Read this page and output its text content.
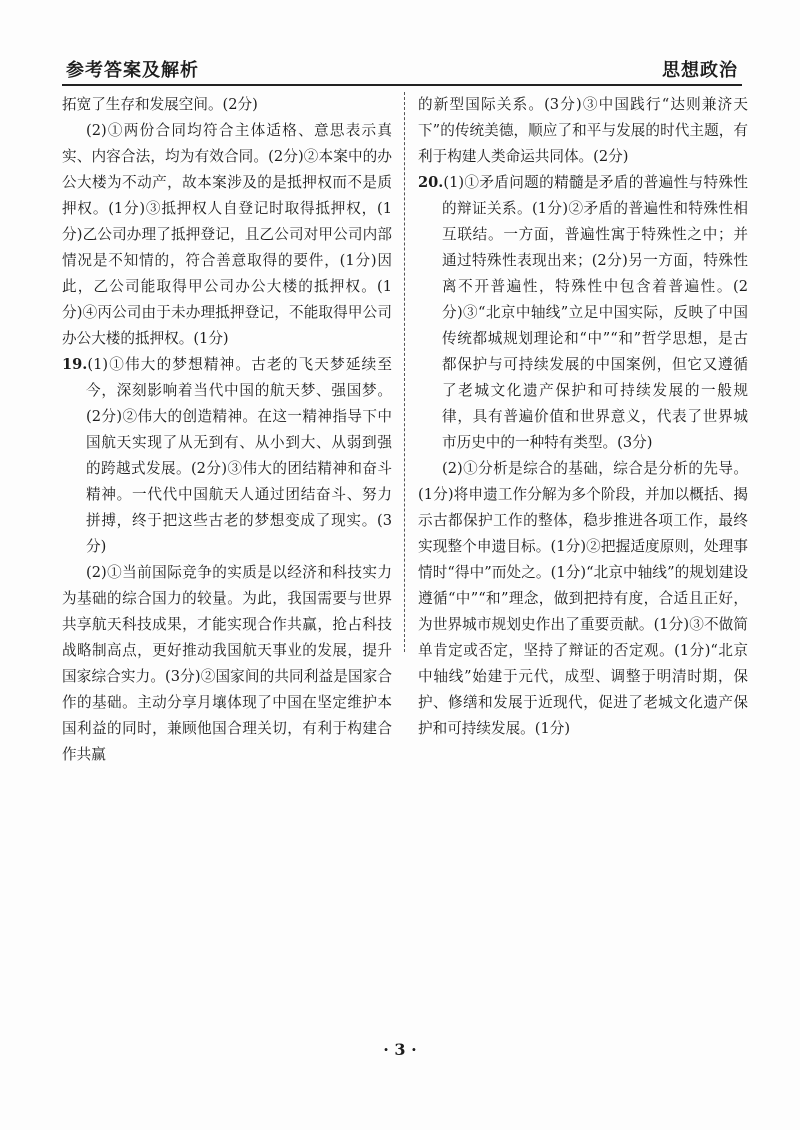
参考答案及解析	思想政治

拓宽了生存和发展空间。(2分)

(2)①两份合同均符合主体适格、意思表示真实、内容合法，均为有效合同。(2分)②本案中的办公大楼为不动产，故本案涉及的是抵押权而不是质押权。(1分)③抵押权人自登记时取得抵押权，(1分)乙公司办理了抵押登记，且乙公司对甲公司内部情况是不知情的，符合善意取得的要件，(1分)因此，乙公司能取得甲公司办公大楼的抵押权。(1分)④丙公司由于未办理抵押登记，不能取得甲公司办公大楼的抵押权。(1分)

19.(1)①伟大的梦想精神。古老的飞天梦延续至今，深刻影响着当代中国的航天梦、强国梦。(2分)②伟大的创造精神。在这一精神指导下中国航天实现了从无到有、从小到大、从弱到强的跨越式发展。(2分)③伟大的团结精神和奋斗精神。一代代中国航天人通过团结奋斗、努力拼搏，终于把这些古老的梦想变成了现实。(3分)

(2)①当前国际竞争的实质是以经济和科技实力为基础的综合国力的较量。为此，我国需要与世界共享航天科技成果，才能实现合作共赢，抢占科技战略制高点，更好推动我国航天事业的发展，提升国家综合实力。(3分)②国家间的共同利益是国家合作的基础。主动分享月壤体现了中国在坚定维护本国利益的同时，兼顾他国合理关切，有利于构建合作共赢

的新型国际关系。(3分)③中国践行“达则兼济天下”的传统美德，顺应了和平与发展的时代主题，有利于构建人类命运共同体。(2分)

20.(1)①矛盾问题的精髓是矛盾的普遍性与特殊性的辩证关系。(1分)②矛盾的普遍性和特殊性相互联结。一方面，普遍性寓于特殊性之中；并通过特殊性表现出来；(2分)另一方面，特殊性离不开普遍性，特殊性中包含着普遍性。(2分)③“北京中轴线”立足中国实际，反映了中国传统都城规划理论和“中”“和”哲学思想，是古都保护与可持续发展的中国案例，但它又遵循了老城文化遗产保护和可持续发展的一般规律，具有普遍价值和世界意义，代表了世界城市历史中的一种特有类型。(3分)

(2)①分析是综合的基础，综合是分析的先导。(1分)将申遗工作分解为多个阶段，并加以概括、揭示古都保护工作的整体，稳步推进各项工作，最终实现整个申遗目标。(1分)②把握适度原则，处理事情时“得中”而处之。(1分)“北京中轴线”的规划建设遵循“中”“和”理念，做到把持有度，合适且正好，为世界城市规划史作出了重要贡献。(1分)③不做简单肯定或否定，坚持了辩证的否定观。(1分)“北京中轴线”始建于元代，成型、调整于明清时期，保护、修缮和发展于近现代，促进了老城文化遗产保护和可持续发展。(1分)

· 3 ·
